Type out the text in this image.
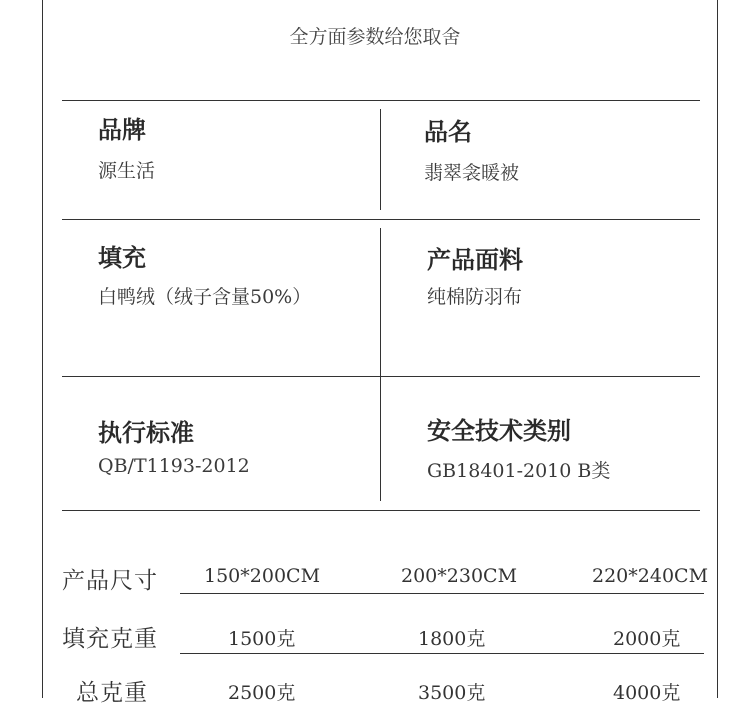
全方面参数给您取舍
品牌
源生活
品名
翡翠衾暖被
填充
白鸭绒（绒子含量50%）
产品面料
纯棉防羽布
执行标准
QB/T1193-2012
安全技术类别
GB18401-2010 B类
产品尺寸 150*200CM	200*230CM	220*240CM
填充克重	1500克	1800克	2000克
总克重	2500克	3500克	4000克
